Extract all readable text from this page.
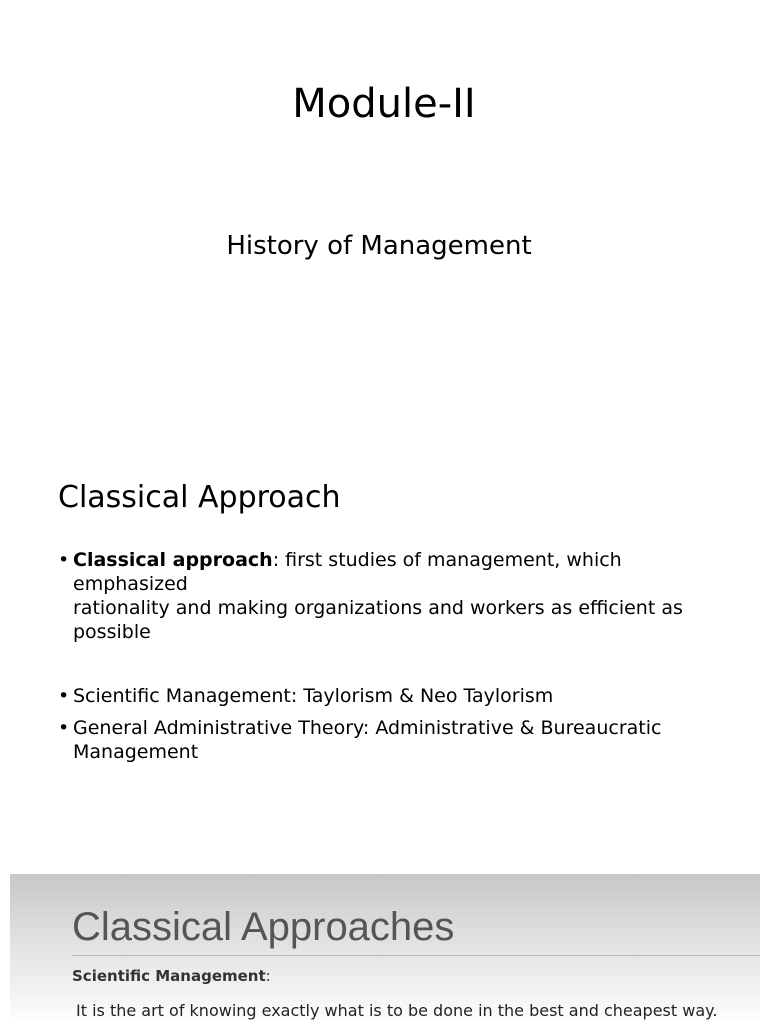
Module-II
History of Management
Classical Approach
• Classical approach: first studies of management, which emphasized
rationality and making organizations and workers as efficient as
possible
• Scientific Management: Taylorism & Neo Taylorism
• General Administrative Theory: Administrative & Bureaucratic
Management
Classical Approaches
Scientific Management:
It is the art of knowing exactly what is to be done in the best and cheapest way.
